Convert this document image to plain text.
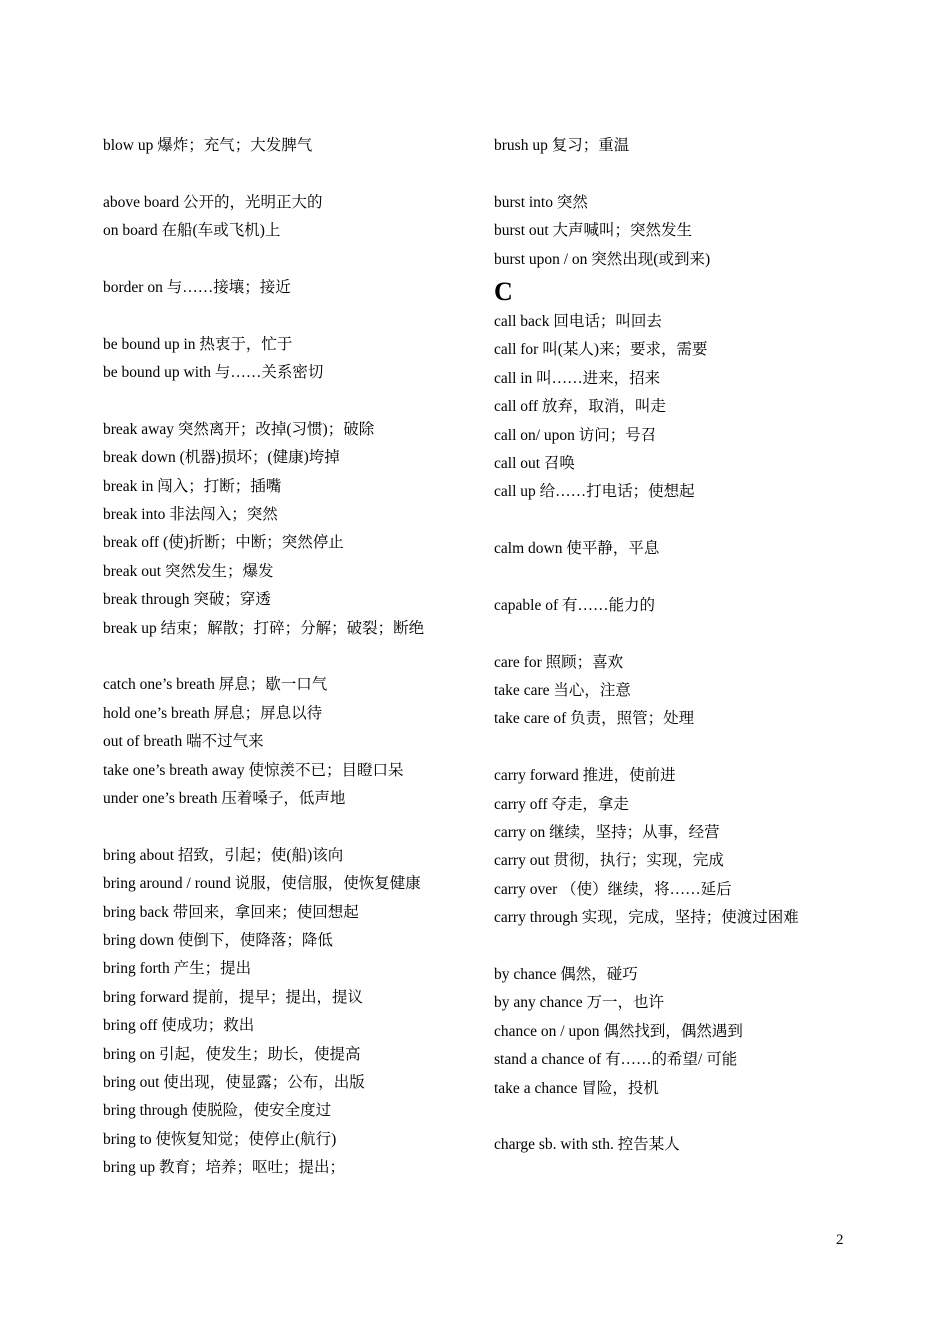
blow up 爆炸；充气；大发脾气
above board 公开的，光明正大的
on board 在船(车或飞机)上
border on 与……接壤；接近
be bound up in 热衷于，忙于
be bound up with 与……关系密切
break away 突然离开；改掉(习惯)；破除
break down (机器)损坏；(健康)垮掉
break in 闯入；打断；插嘴
break into 非法闯入；突然
break off (使)折断；中断；突然停止
break out 突然发生；爆发
break through 突破；穿透
break up 结束；解散；打碎；分解；破裂；断绝
catch one’s breath 屏息；歇一口气
hold one’s breath 屏息；屏息以待
out of breath 喘不过气来
take one’s breath away 使惊羡不已；目瞪口呆
under one’s breath 压着嗓子，低声地
bring about 招致，引起；使(船)该向
bring around / round 说服，使信服，使恢复健康
bring back 带回来，拿回来；使回想起
bring down 使倒下，使降落；降低
bring forth 产生；提出
bring forward 提前，提早；提出，提议
bring off 使成功；救出
bring on 引起，使发生；助长，使提高
bring out 使出现，使显露；公布，出版
bring through 使脱险，使安全度过
bring to 使恢复知觉；使停止(航行)
bring up 教育；培养；呕吐；提出；
brush up 复习；重温
burst into 突然
burst out 大声喊叫；突然发生
burst upon / on 突然出现(或到来)
C
call back 回电话；叫回去
call for 叫(某人)来；要求，需要
call in 叫……进来，招来
call off 放弃，取消，叫走
call on/ upon 访问；号召
call out 召唤
call up 给……打电话；使想起
calm down 使平静，平息
capable of 有……能力的
care for 照顾；喜欢
take care 当心，注意
take care of 负责，照管；处理
carry forward 推进，使前进
carry off 夺走，拿走
carry on 继续，坚持；从事，经营
carry out 贯彻，执行；实现，完成
carry over （使）继续，将……延后
carry through 实现，完成，坚持；使渡过困难
by chance 偶然，碰巧
by any chance 万一，也许
chance on / upon 偶然找到，偶然遇到
stand a chance of 有……的希望/ 可能
take a chance 冒险，投机
charge sb. with sth. 控告某人
2
